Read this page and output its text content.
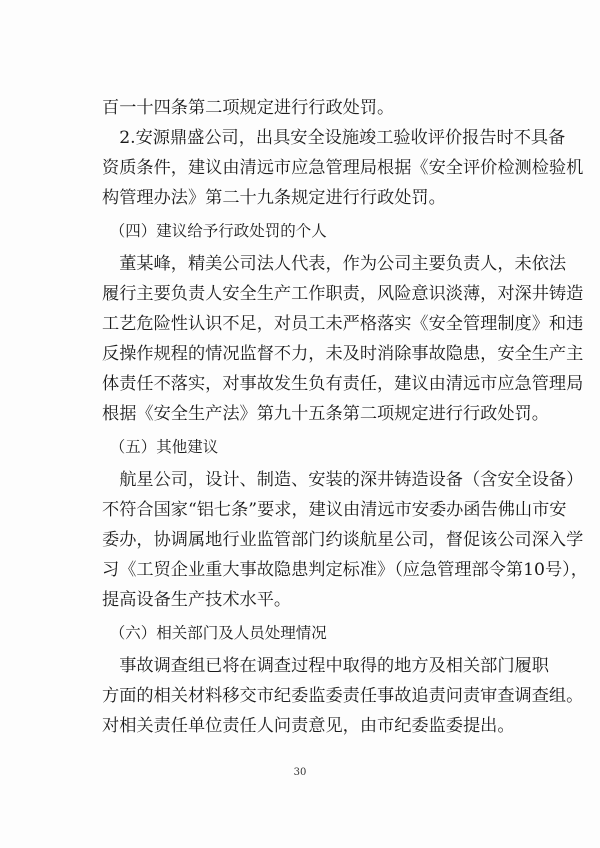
百一十四条第二项规定进行行政处罚。
　2.安源鼎盛公司，出具安全设施竣工验收评价报告时不具备
资质条件，建议由清远市应急管理局根据《安全评价检测检验机
构管理办法》第二十九条规定进行行政处罚。
　（四）建议给予行政处罚的个人
　董某峰，精美公司法人代表，作为公司主要负责人，未依法
履行主要负责人安全生产工作职责，风险意识淡薄，对深井铸造
工艺危险性认识不足，对员工未严格落实《安全管理制度》和违
反操作规程的情况监督不力，未及时消除事故隐患，安全生产主
体责任不落实，对事故发生负有责任，建议由清远市应急管理局
根据《安全生产法》第九十五条第二项规定进行行政处罚。
　（五）其他建议
　航星公司，设计、制造、安装的深井铸造设备（含安全设备）
不符合国家“铝七条”要求，建议由清远市安委办函告佛山市安
委办，协调属地行业监管部门约谈航星公司，督促该公司深入学
习《工贸企业重大事故隐患判定标准》（应急管理部令第10号），
提高设备生产技术水平。
　（六）相关部门及人员处理情况
　事故调查组已将在调查过程中取得的地方及相关部门履职
方面的相关材料移交市纪委监委责任事故追责问责审查调查组。
对相关责任单位责任人问责意见，由市纪委监委提出。
30
